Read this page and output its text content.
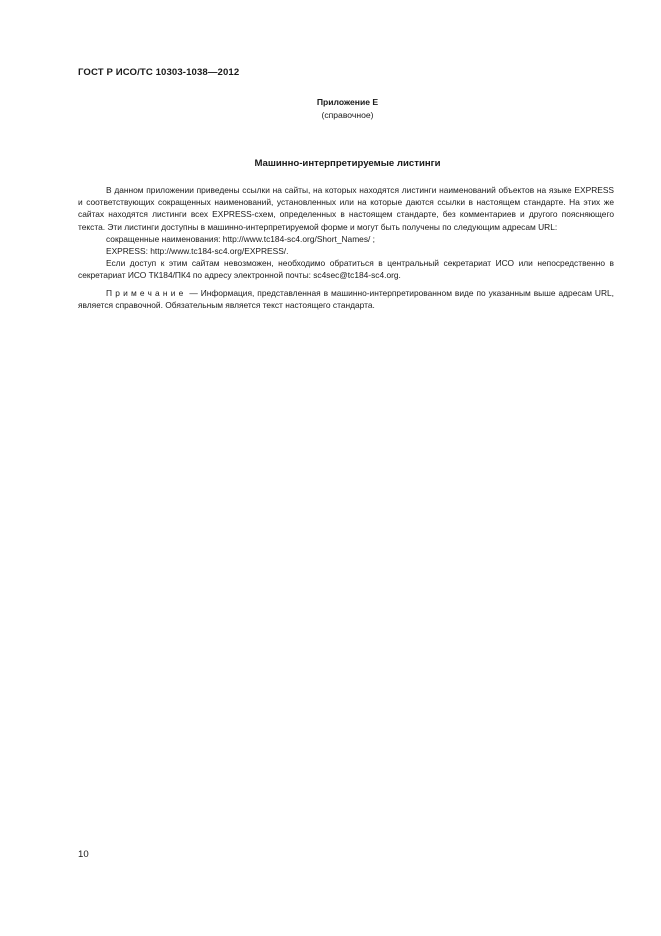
ГОСТ Р ИСО/ТС 10303-1038—2012
Приложение Е
(справочное)
Машинно-интерпретируемые листинги

В данном приложении приведены ссылки на сайты, на которых находятся листинги наименований объектов на языке EXPRESS и соответствующих сокращенных наименований, установленных или на которые даются ссылки в настоящем стандарте. На этих же сайтах находятся листинги всех EXPRESS-схем, определенных в настоящем стандарте, без комментариев и другого поясняющего текста. Эти листинги доступны в машинно-интерпретируемой форме и могут быть получены по следующим адресам URL:

сокращенные наименования: http://www.tc184-sc4.org/Short_Names/ ;
EXPRESS: http://www.tc184-sc4.org/EXPRESS/.

Если доступ к этим сайтам невозможен, необходимо обратиться в центральный секретариат ИСО или непосредственно в секретариат ИСО ТК184/ПК4 по адресу электронной почты: sc4sec@tc184-sc4.org.

Примечание — Информация, представленная в машинно-интерпретированном виде по указанным выше адресам URL, является справочной. Обязательным является текст настоящего стандарта.

10
